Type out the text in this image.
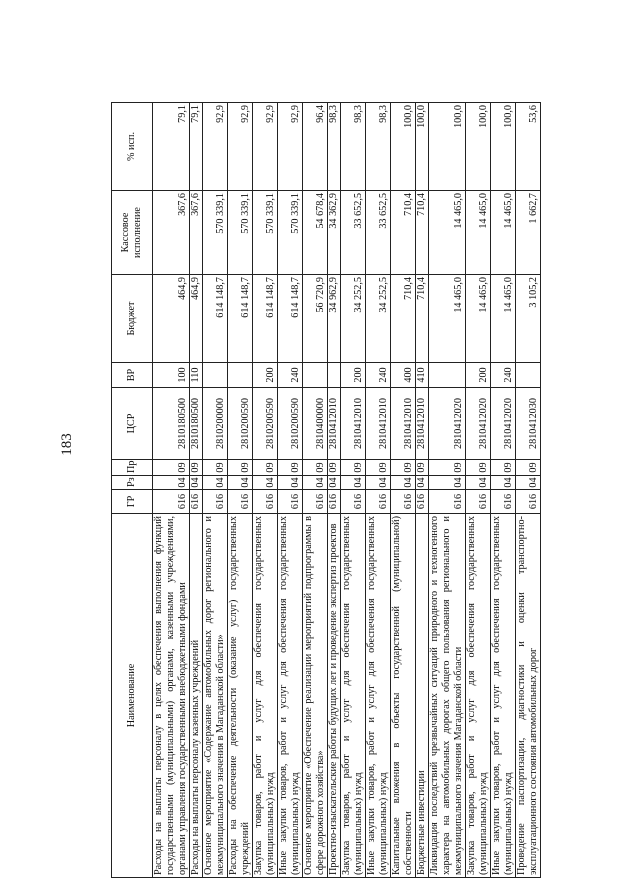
183
Наименование	ГР	Рз	Пр	ЦСР	ВР	Бюджет	Кассовое исполнение	% исп.
Расходы на выплаты персоналу в целях обеспечения выполнения функций государственными (муниципальными) органами, казенными учреждениями, органами управления государственными внебюджетными фондами	616	04	09	2810180500	100	464,9	367,6	79,1
Расходы на выплаты персоналу казенных учреждений	616	04	09	2810180500	110	464,9	367,6	79,1
Основное мероприятие «Содержание автомобильных дорог регионального и межмуниципального значения в Магаданской области»	616	04	09	2810200000		614 148,7	570 339,1	92,9
Расходы на обеспечение деятельности (оказание услуг) государственных учреждений	616	04	09	2810200590		614 148,7	570 339,1	92,9
Закупка товаров, работ и услуг для обеспечения государственных (муниципальных) нужд	616	04	09	2810200590	200	614 148,7	570 339,1	92,9
Иные закупки товаров, работ и услуг для обеспечения государственных (муниципальных) нужд	616	04	09	2810200590	240	614 148,7	570 339,1	92,9
Основное мероприятие «Обеспечение реализации мероприятий подпрограммы в сфере дорожного хозяйства»	616	04	09	2810400000		56 720,9	54 678,4	96,4
Проектно-изыскательские работы будущих лет и проведение экспертиз проектов	616	04	09	2810412010		34 962,9	34 362,9	98,3
Закупка товаров, работ и услуг для обеспечения государственных (муниципальных) нужд	616	04	09	2810412010	200	34 252,5	33 652,5	98,3
Иные закупки товаров, работ и услуг для обеспечения государственных (муниципальных) нужд	616	04	09	2810412010	240	34 252,5	33 652,5	98,3
Капитальные вложения в объекты государственной (муниципальной) собственности	616	04	09	2810412010	400	710,4	710,4	100,0
Бюджетные инвестиции	616	04	09	2810412010	410	710,4	710,4	100,0
Ликвидация последствий чрезвычайных ситуаций природного и техногенного характера на автомобильных дорогах общего пользования регионального и межмуниципального значения Магаданской области	616	04	09	2810412020		14 465,0	14 465,0	100,0
Закупка товаров, работ и услуг для обеспечения государственных (муниципальных) нужд	616	04	09	2810412020	200	14 465,0	14 465,0	100,0
Иные закупки товаров, работ и услуг для обеспечения государственных (муниципальных) нужд	616	04	09	2810412020	240	14 465,0	14 465,0	100,0
Проведение паспортизации, диагностики и оценки транспортно-эксплуатационного состояния автомобильных дорог	616	04	09	2810412030		3 105,2	1 662,7	53,6
